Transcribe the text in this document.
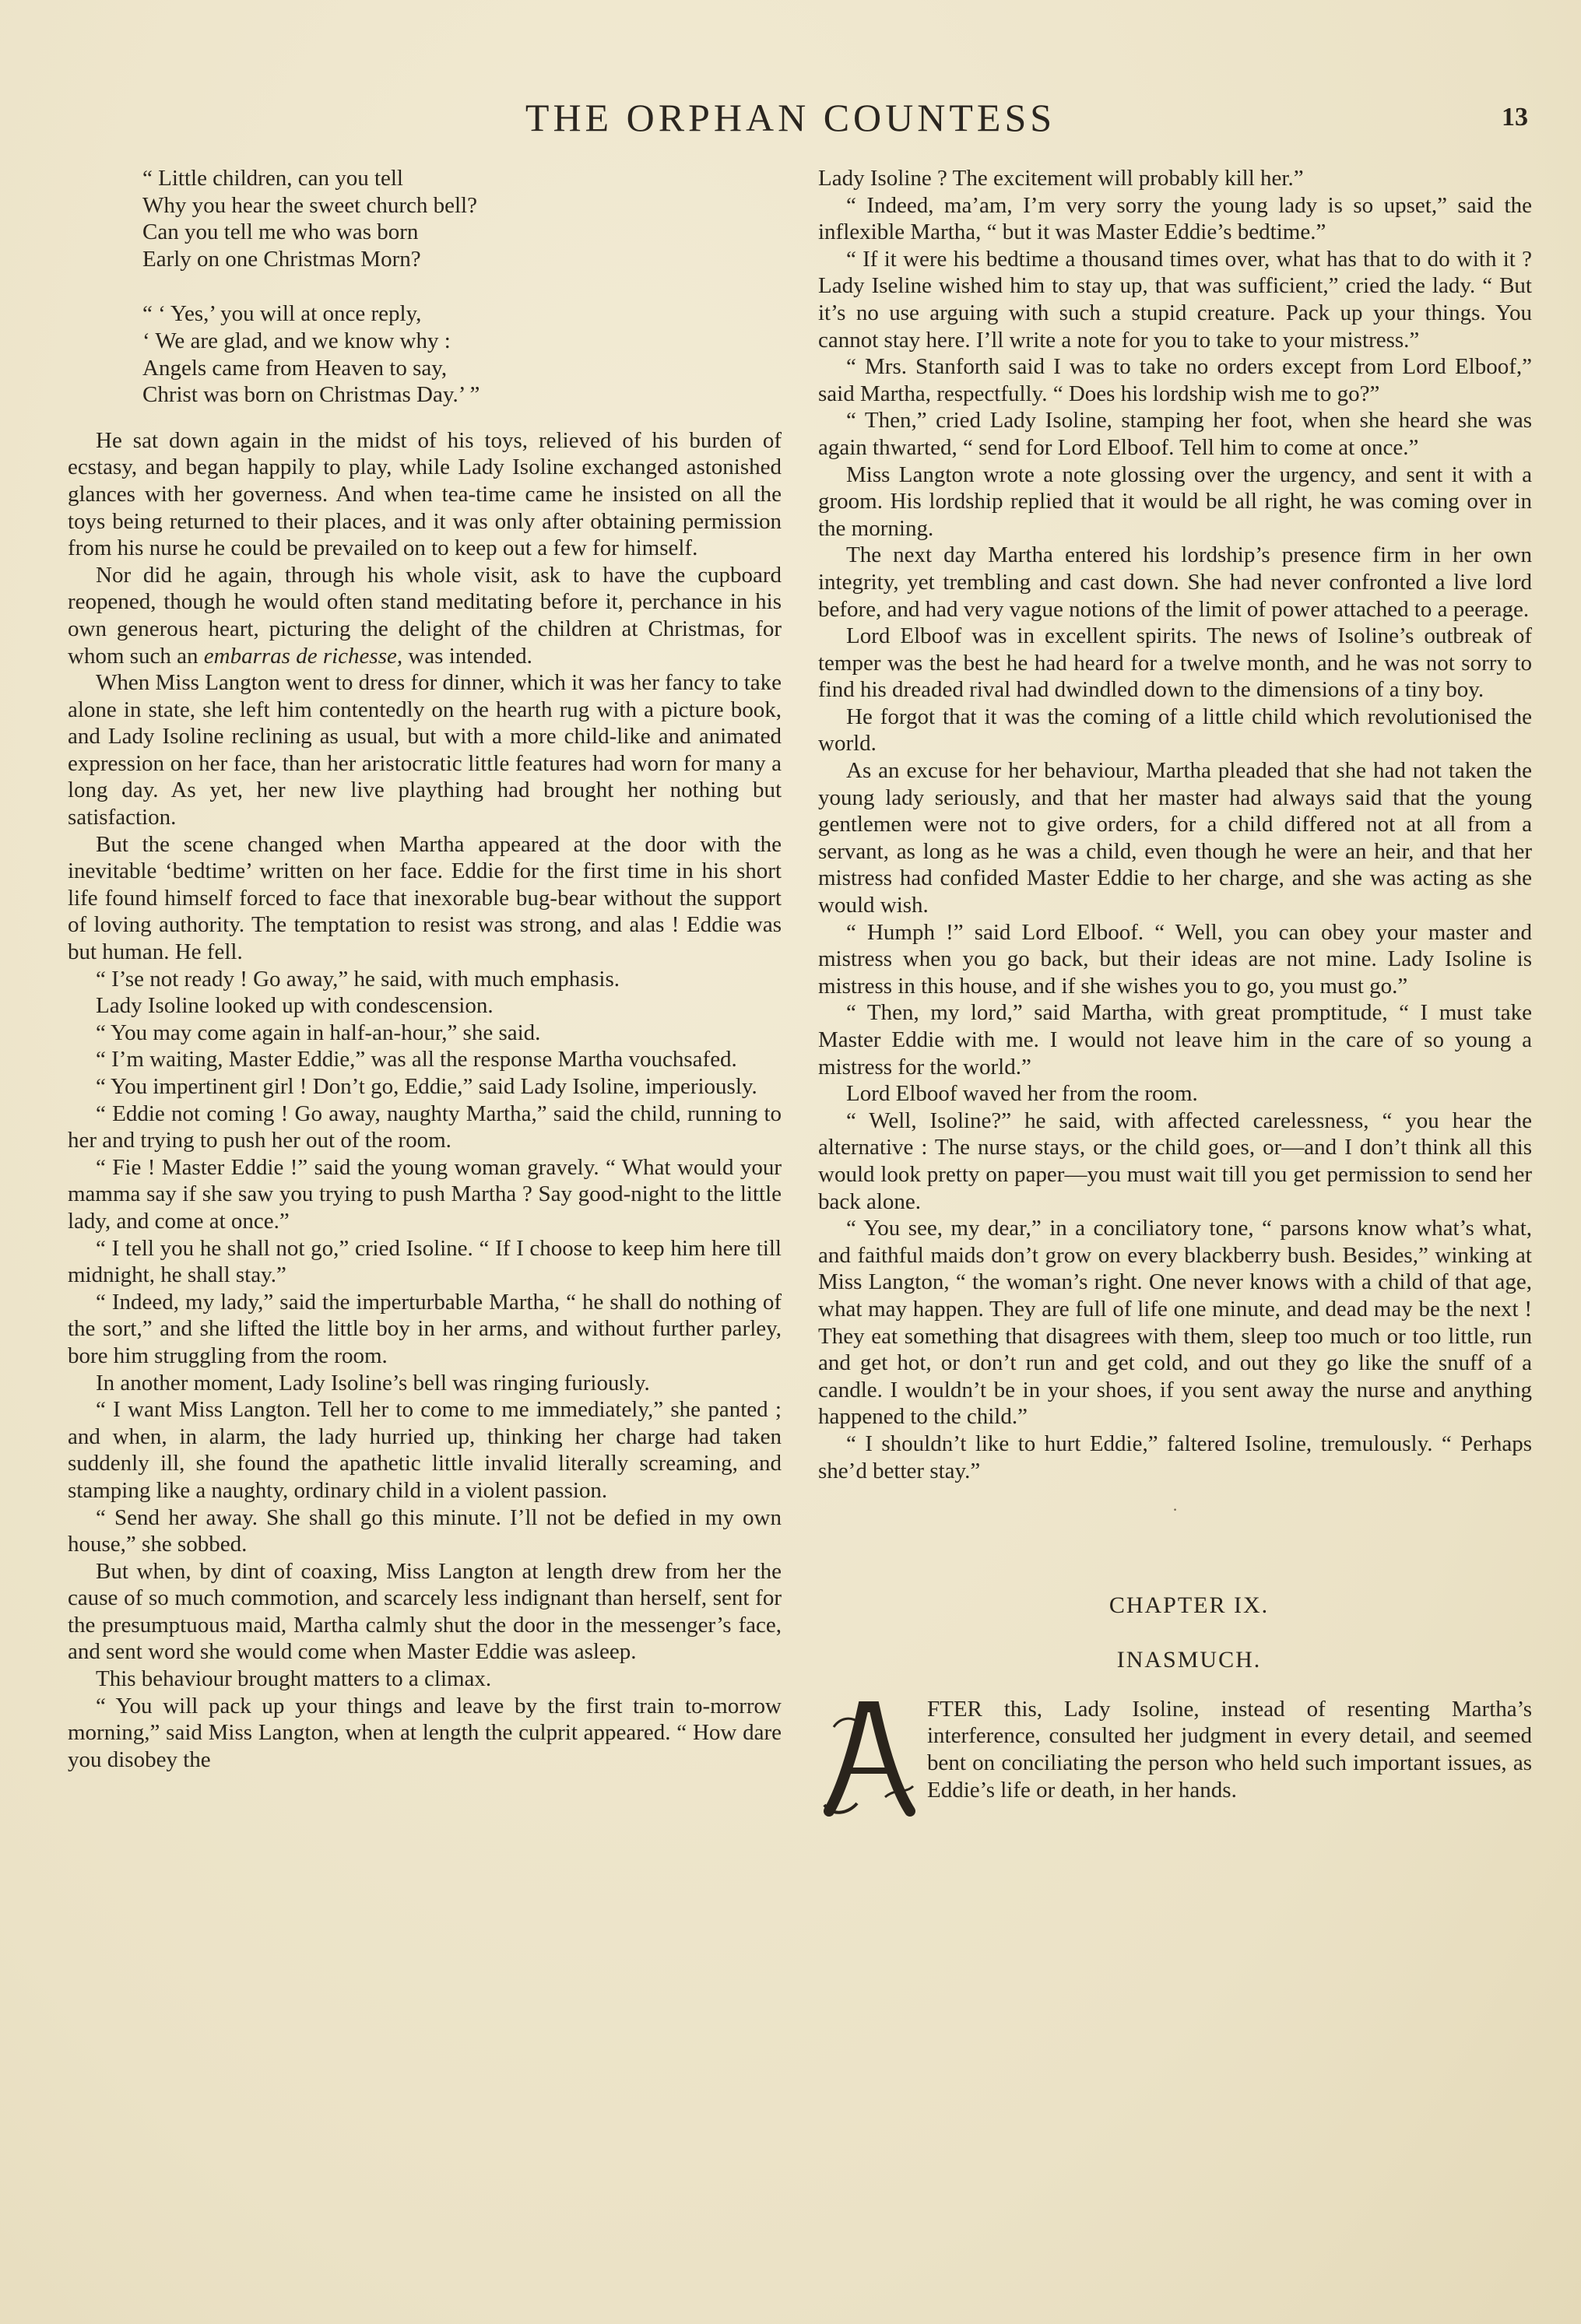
THE ORPHAN COUNTESS	13
“ Little children, can you tell
Why you hear the sweet church bell?
Can you tell me who was born
Early on one Christmas Morn?
“ ‘ Yes,’ you will at once reply,
‘ We are glad, and we know why :
Angels came from Heaven to say,
Christ was born on Christmas Day.’ ”

He sat down again in the midst of his toys, relieved of his burden of ecstasy, and began happily to play, while Lady Isoline exchanged astonished glances with her governess. And when tea-time came he insisted on all the toys being returned to their places, and it was only after obtaining permission from his nurse he could be prevailed on to keep out a few for himself.

Nor did he again, through his whole visit, ask to have the cupboard reopened, though he would often stand meditating before it, perchance in his own generous heart, picturing the delight of the children at Christmas, for whom such an embarras de richesse, was intended.

When Miss Langton went to dress for dinner, which it was her fancy to take alone in state, she left him contentedly on the hearth rug with a picture book, and Lady Isoline reclining as usual, but with a more child-like and animated expression on her face, than her aristocratic little features had worn for many a long day. As yet, her new live plaything had brought her nothing but satisfaction.

But the scene changed when Martha appeared at the door with the inevitable ‘bedtime’ written on her face. Eddie for the first time in his short life found himself forced to face that inexorable bug-bear without the support of loving authority. The temptation to resist was strong, and alas ! Eddie was but human. He fell.

“ I’se not ready ! Go away,” he said, with much emphasis.

Lady Isoline looked up with condescension.

“ You may come again in half-an-hour,” she said.

“ I’m waiting, Master Eddie,” was all the response Martha vouchsafed.

“ You impertinent girl ! Don’t go, Eddie,” said Lady Isoline, imperiously.

“ Eddie not coming ! Go away, naughty Martha,” said the child, running to her and trying to push her out of the room.

“ Fie ! Master Eddie !” said the young woman gravely. “ What would your mamma say if she saw you trying to push Martha ? Say good-night to the little lady, and come at once.”

“ I tell you he shall not go,” cried Isoline. “ If I choose to keep him here till midnight, he shall stay.”

“ Indeed, my lady,” said the imperturbable Martha, “ he shall do nothing of the sort,” and she lifted the little boy in her arms, and without further parley, bore him struggling from the room.

In another moment, Lady Isoline’s bell was ringing furiously.

“ I want Miss Langton. Tell her to come to me immediately,” she panted ; and when, in alarm, the lady hurried up, thinking her charge had taken suddenly ill, she found the apathetic little invalid literally screaming, and stamping like a naughty, ordinary child in a violent passion.

“ Send her away. She shall go this minute. I’ll not be defied in my own house,” she sobbed.

But when, by dint of coaxing, Miss Langton at length drew from her the cause of so much commotion, and scarcely less indignant than herself, sent for the presumptuous maid, Martha calmly shut the door in the messenger’s face, and sent word she would come when Master Eddie was asleep.

This behaviour brought matters to a climax.

“ You will pack up your things and leave by the first train to-morrow morning,” said Miss Langton, when at length the culprit appeared. “ How dare you disobey the

Lady Isoline ? The excitement will probably kill her.”

“ Indeed, ma’am, I’m very sorry the young lady is so upset,” said the inflexible Martha, “ but it was Master Eddie’s bedtime.”

“ If it were his bedtime a thousand times over, what has that to do with it ? Lady Iseline wished him to stay up, that was sufficient,” cried the lady. “ But it’s no use arguing with such a stupid creature. Pack up your things. You cannot stay here. I’ll write a note for you to take to your mistress.”

“ Mrs. Stanforth said I was to take no orders except from Lord Elboof,” said Martha, respectfully. “ Does his lordship wish me to go?”

“ Then,” cried Lady Isoline, stamping her foot, when she heard she was again thwarted, “ send for Lord Elboof. Tell him to come at once.”

Miss Langton wrote a note glossing over the urgency, and sent it with a groom. His lordship replied that it would be all right, he was coming over in the morning.

The next day Martha entered his lordship’s presence firm in her own integrity, yet trembling and cast down. She had never confronted a live lord before, and had very vague notions of the limit of power attached to a peerage.

Lord Elboof was in excellent spirits. The news of Isoline’s outbreak of temper was the best he had heard for a twelve month, and he was not sorry to find his dreaded rival had dwindled down to the dimensions of a tiny boy.

He forgot that it was the coming of a little child which revolutionised the world.

As an excuse for her behaviour, Martha pleaded that she had not taken the young lady seriously, and that her master had always said that the young gentlemen were not to give orders, for a child differed not at all from a servant, as long as he was a child, even though he were an heir, and that her mistress had confided Master Eddie to her charge, and she was acting as she would wish.

“ Humph !” said Lord Elboof. “ Well, you can obey your master and mistress when you go back, but their ideas are not mine. Lady Isoline is mistress in this house, and if she wishes you to go, you must go.”

“ Then, my lord,” said Martha, with great promptitude, “ I must take Master Eddie with me. I would not leave him in the care of so young a mistress for the world.”

Lord Elboof waved her from the room.

“ Well, Isoline?” he said, with affected carelessness, “ you hear the alternative : The nurse stays, or the child goes, or—and I don’t think all this would look pretty on paper—you must wait till you get permission to send her back alone.

“ You see, my dear,” in a conciliatory tone, “ parsons know what’s what, and faithful maids don’t grow on every blackberry bush. Besides,” winking at Miss Langton, “ the woman’s right. One never knows with a child of that age, what may happen. They are full of life one minute, and dead may be the next ! They eat something that disagrees with them, sleep too much or too little, run and get hot, or don’t run and get cold, and out they go like the snuff of a candle. I wouldn’t be in your shoes, if you sent away the nurse and anything happened to the child.”

“ I shouldn’t like to hurt Eddie,” faltered Isoline, tremulously. “ Perhaps she’d better stay.”

·

CHAPTER IX.

INASMUCH.

FTER this, Lady Isoline, instead of resenting Martha’s interference, consulted her judgment in every detail, and seemed bent on conciliating the person who held such important issues, as Eddie’s life or death, in her hands.
